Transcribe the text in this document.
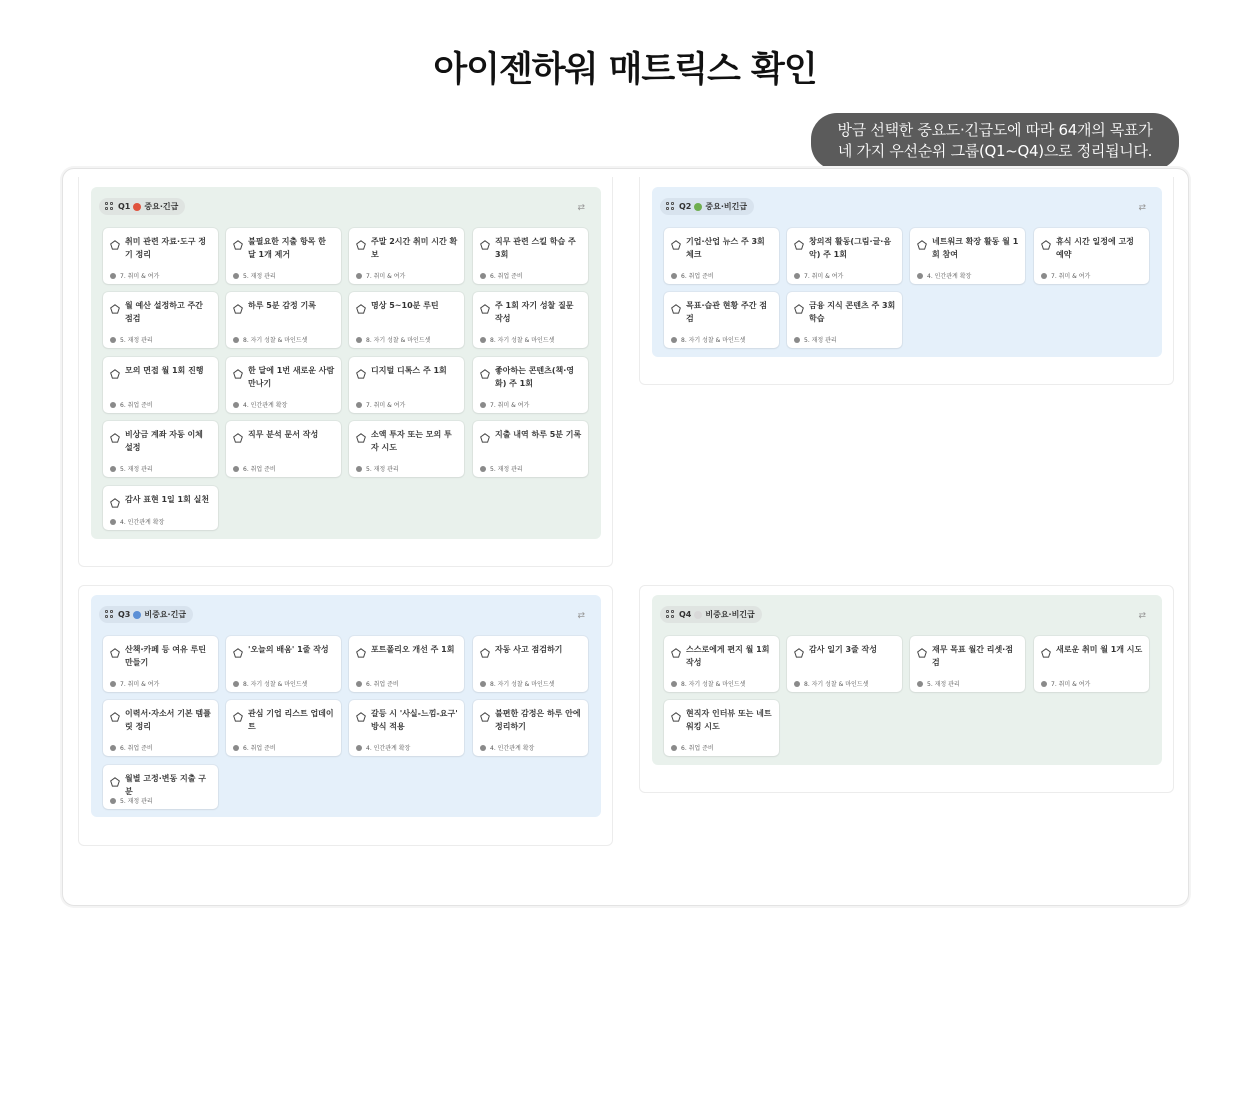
아이젠하워 매트릭스 확인
방금 선택한 중요도·긴급도에 따라 64개의 목표가
네 가지 우선순위 그룹(Q1~Q4)으로 정리됩니다.
Q1 중요·긴급	⇄
취미 관련 자료·도구 정기 정리
7. 취미 & 여가
불필요한 지출 항목 한 달 1개 제거
5. 재정 관리
주말 2시간 취미 시간 확보
7. 취미 & 여가
직무 관련 스킬 학습 주 3회
6. 취업 준비
월 예산 설정하고 주간 점검
5. 재정 관리
하루 5분 감정 기록
8. 자기 성찰 & 마인드셋
명상 5~10분 루틴
8. 자기 성찰 & 마인드셋
주 1회 자기 성찰 질문 작성
8. 자기 성찰 & 마인드셋
모의 면접 월 1회 진행
6. 취업 준비
한 달에 1번 새로운 사람 만나기
4. 인간관계 확장
디지털 디톡스 주 1회
7. 취미 & 여가
좋아하는 콘텐츠(책·영화) 주 1회
7. 취미 & 여가
비상금 계좌 자동 이체 설정
5. 재정 관리
직무 분석 문서 작성
6. 취업 준비
소액 투자 또는 모의 투자 시도
5. 재정 관리
지출 내역 하루 5분 기록
5. 재정 관리
감사 표현 1일 1회 실천
4. 인간관계 확장
Q2 중요·비긴급	⇄
기업·산업 뉴스 주 3회 체크
6. 취업 준비
창의적 활동(그림·글·음악) 주 1회
7. 취미 & 여가
네트워크 확장 활동 월 1회 참여
4. 인간관계 확장
휴식 시간 일정에 고정 예약
7. 취미 & 여가
목표·습관 현황 주간 점검
8. 자기 성찰 & 마인드셋
금융 지식 콘텐츠 주 3회 학습
5. 재정 관리
Q3 비중요·긴급	⇄
산책·카페 등 여유 루틴 만들기
7. 취미 & 여가
'오늘의 배움' 1줄 작성
8. 자기 성찰 & 마인드셋
포트폴리오 개선 주 1회
6. 취업 준비
자동 사고 점검하기
8. 자기 성찰 & 마인드셋
이력서·자소서 기본 템플릿 정리
6. 취업 준비
관심 기업 리스트 업데이트
6. 취업 준비
갈등 시 '사실-느낌-요구' 방식 적용
4. 인간관계 확장
불편한 감정은 하루 안에 정리하기
4. 인간관계 확장
월별 고정·변동 지출 구분
5. 재정 관리
Q4 비중요·비긴급	⇄
스스로에게 편지 월 1회 작성
8. 자기 성찰 & 마인드셋
감사 일기 3줄 작성
8. 자기 성찰 & 마인드셋
재무 목표 월간 리셋·점검
5. 재정 관리
새로운 취미 월 1개 시도
7. 취미 & 여가
현직자 인터뷰 또는 네트워킹 시도
6. 취업 준비
